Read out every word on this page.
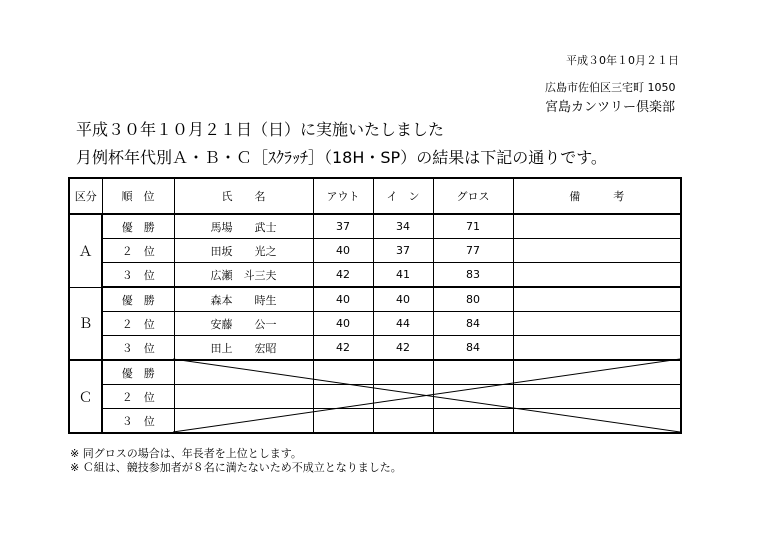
平成３0年１0月２１日
広島市佐伯区三宅町 1050
宮島カンツリー倶楽部
平成３０年１０月２１日（日）に実施いたしました
月例杯年代別Ａ・Ｂ・Ｃ［ｽｸﾗｯﾁ］（18H・SP）の結果は下記の通りです。
区分	順　位	氏　　名	アウト	イ　ン	グロス	備　　　考
Ａ	優　勝	馬場　　武士	37	34	71	
	２　位	田坂　　光之	40	37	77	
	３　位	広瀬　斗三夫	42	41	83	
Ｂ	優　勝	森本　　時生	40	40	80	
	２　位	安藤　　公一	40	44	84	
	３　位	田上　　宏昭	42	42	84	
Ｃ	優　勝					
	２　位					
	３　位					
※ 同グロスの場合は、年長者を上位とします。
※ Ｃ組は、競技参加者が８名に満たないため不成立となりました。
